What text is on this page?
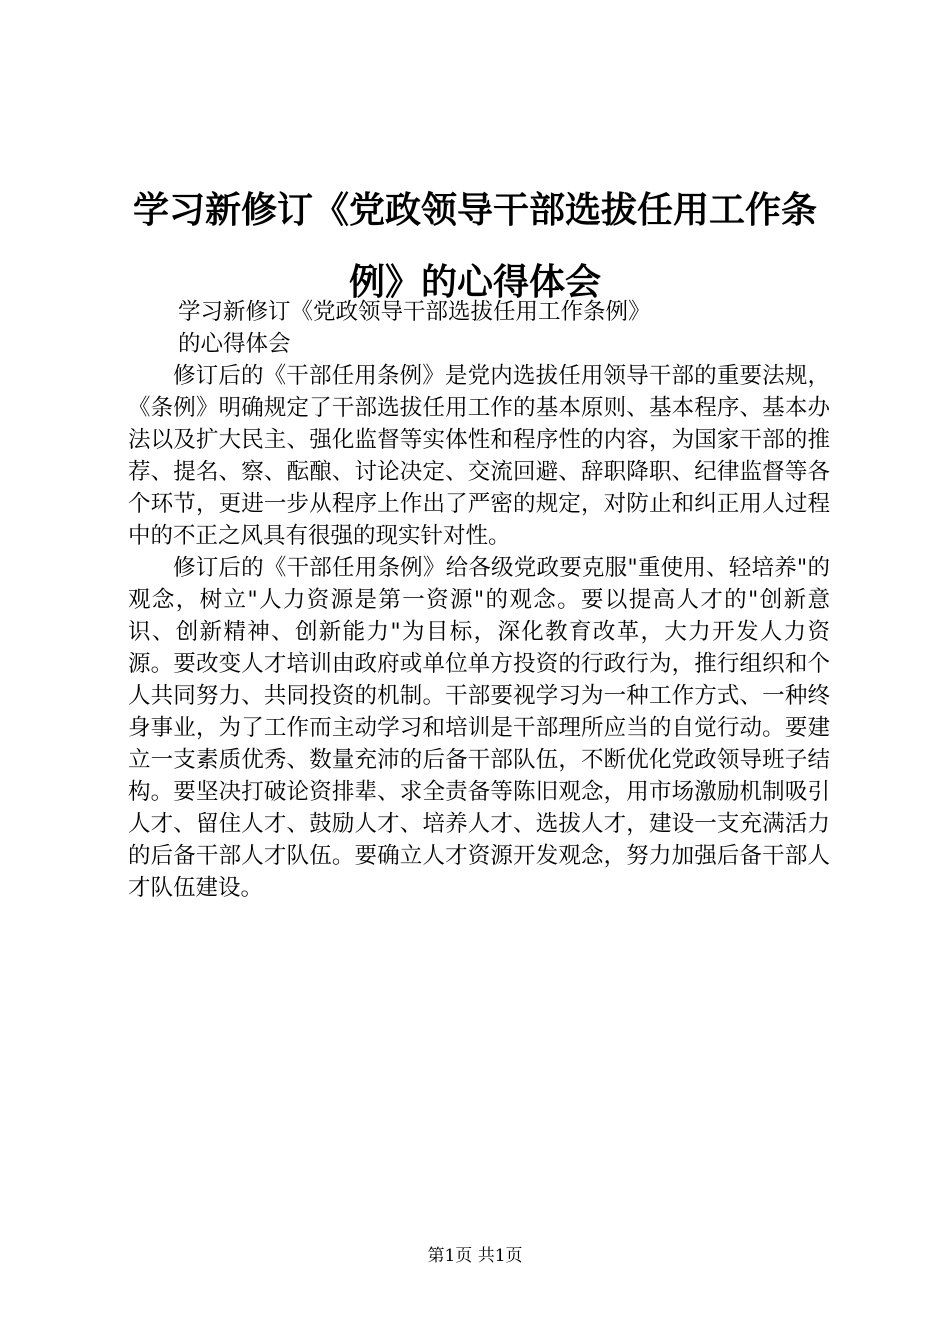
学习新修订《党政领导干部选拔任用工作条
例》的心得体会
学习新修订《党政领导干部选拔任用工作条例》
的心得体会

修订后的《干部任用条例》是党内选拔任用领导干部的重要法规，《条例》明确规定了干部选拔任用工作的基本原则、基本程序、基本办法以及扩大民主、强化监督等实体性和程序性的内容，为国家干部的推荐、提名、察、酝酿、讨论决定、交流回避、辞职降职、纪律监督等各个环节，更进一步从程序上作出了严密的规定，对防止和纠正用人过程中的不正之风具有很强的现实针对性。

修订后的《干部任用条例》给各级党政要克服"重使用、轻培养"的观念，树立"人力资源是第一资源"的观念。要以提高人才的"创新意识、创新精神、创新能力"为目标，深化教育改革，大力开发人力资源。要改变人才培训由政府或单位单方投资的行政行为，推行组织和个人共同努力、共同投资的机制。干部要视学习为一种工作方式、一种终身事业，为了工作而主动学习和培训是干部理所应当的自觉行动。要建立一支素质优秀、数量充沛的后备干部队伍，不断优化党政领导班子结构。要坚决打破论资排辈、求全责备等陈旧观念，用市场激励机制吸引人才、留住人才、鼓励人才、培养人才、选拔人才，建设一支充满活力的后备干部人才队伍。要确立人才资源开发观念，努力加强后备干部人才队伍建设。

第1页 共1页
